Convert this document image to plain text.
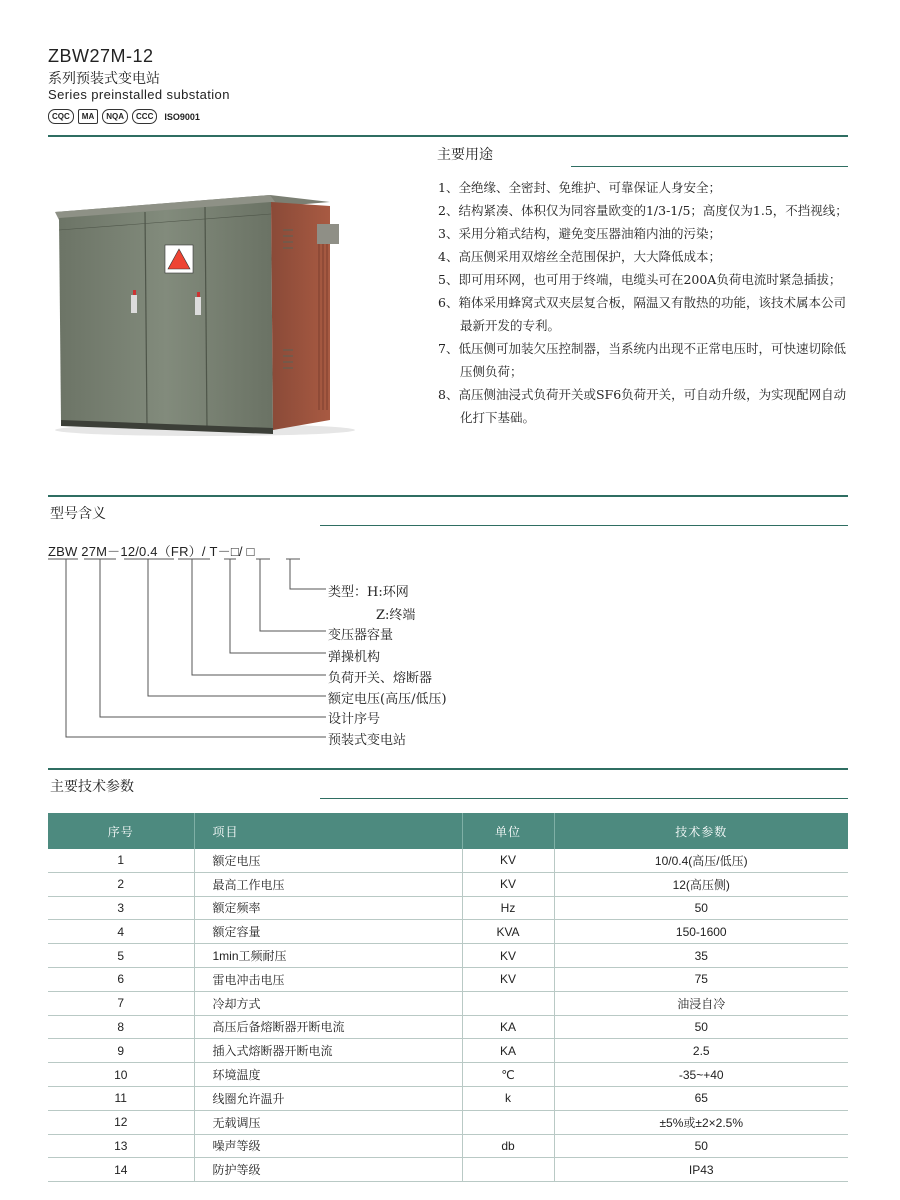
ZBW27M-12
系列预装式变电站
Series preinstalled substation
CQC	MA	NQA	CCC	ISO9001
主要用途
1、全绝缘、全密封、免维护、可靠保证人身安全；
2、结构紧凑、体积仅为同容量欧变的1/3-1/5；高度仅为1.5，不挡视线；
3、采用分箱式结构，避免变压器油箱内油的污染；
4、高压侧采用双熔丝全范围保护，大大降低成本；
5、即可用环网，也可用于终端，电缆头可在200A负荷电流时紧急插拔；
6、箱体采用蜂窝式双夹层复合板，隔温又有散热的功能，该技术属本公司最新开发的专利。
7、低压侧可加装欠压控制器，当系统内出现不正常电压时，可快速切除低压侧负荷；
8、高压侧油浸式负荷开关或SF6负荷开关，可自动升级，为实现配网自动化打下基础。
型号含义
ZBW 27M－12/0.4（FR）/ T－□/ □
类型：H:环网
Z:终端
变压器容量
弹操机构
负荷开关、熔断器
额定电压(高压/低压)
设计序号
预装式变电站
主要技术参数
序号	项目	单位	技术参数
1	额定电压	KV	10/0.4(高压/低压)
2	最高工作电压	KV	12(高压侧)
3	额定频率	Hz	50
4	额定容量	KVA	150-1600
5	1min工频耐压	KV	35
6	雷电冲击电压	KV	75
7	冷却方式		油浸自冷
8	高压后备熔断器开断电流	KA	50
9	插入式熔断器开断电流	KA	2.5
10	环境温度	℃	-35~+40
11	线圈允许温升	k	65
12	无载调压		±5%或±2×2.5%
13	噪声等级	db	50
14	防护等级		IP43
